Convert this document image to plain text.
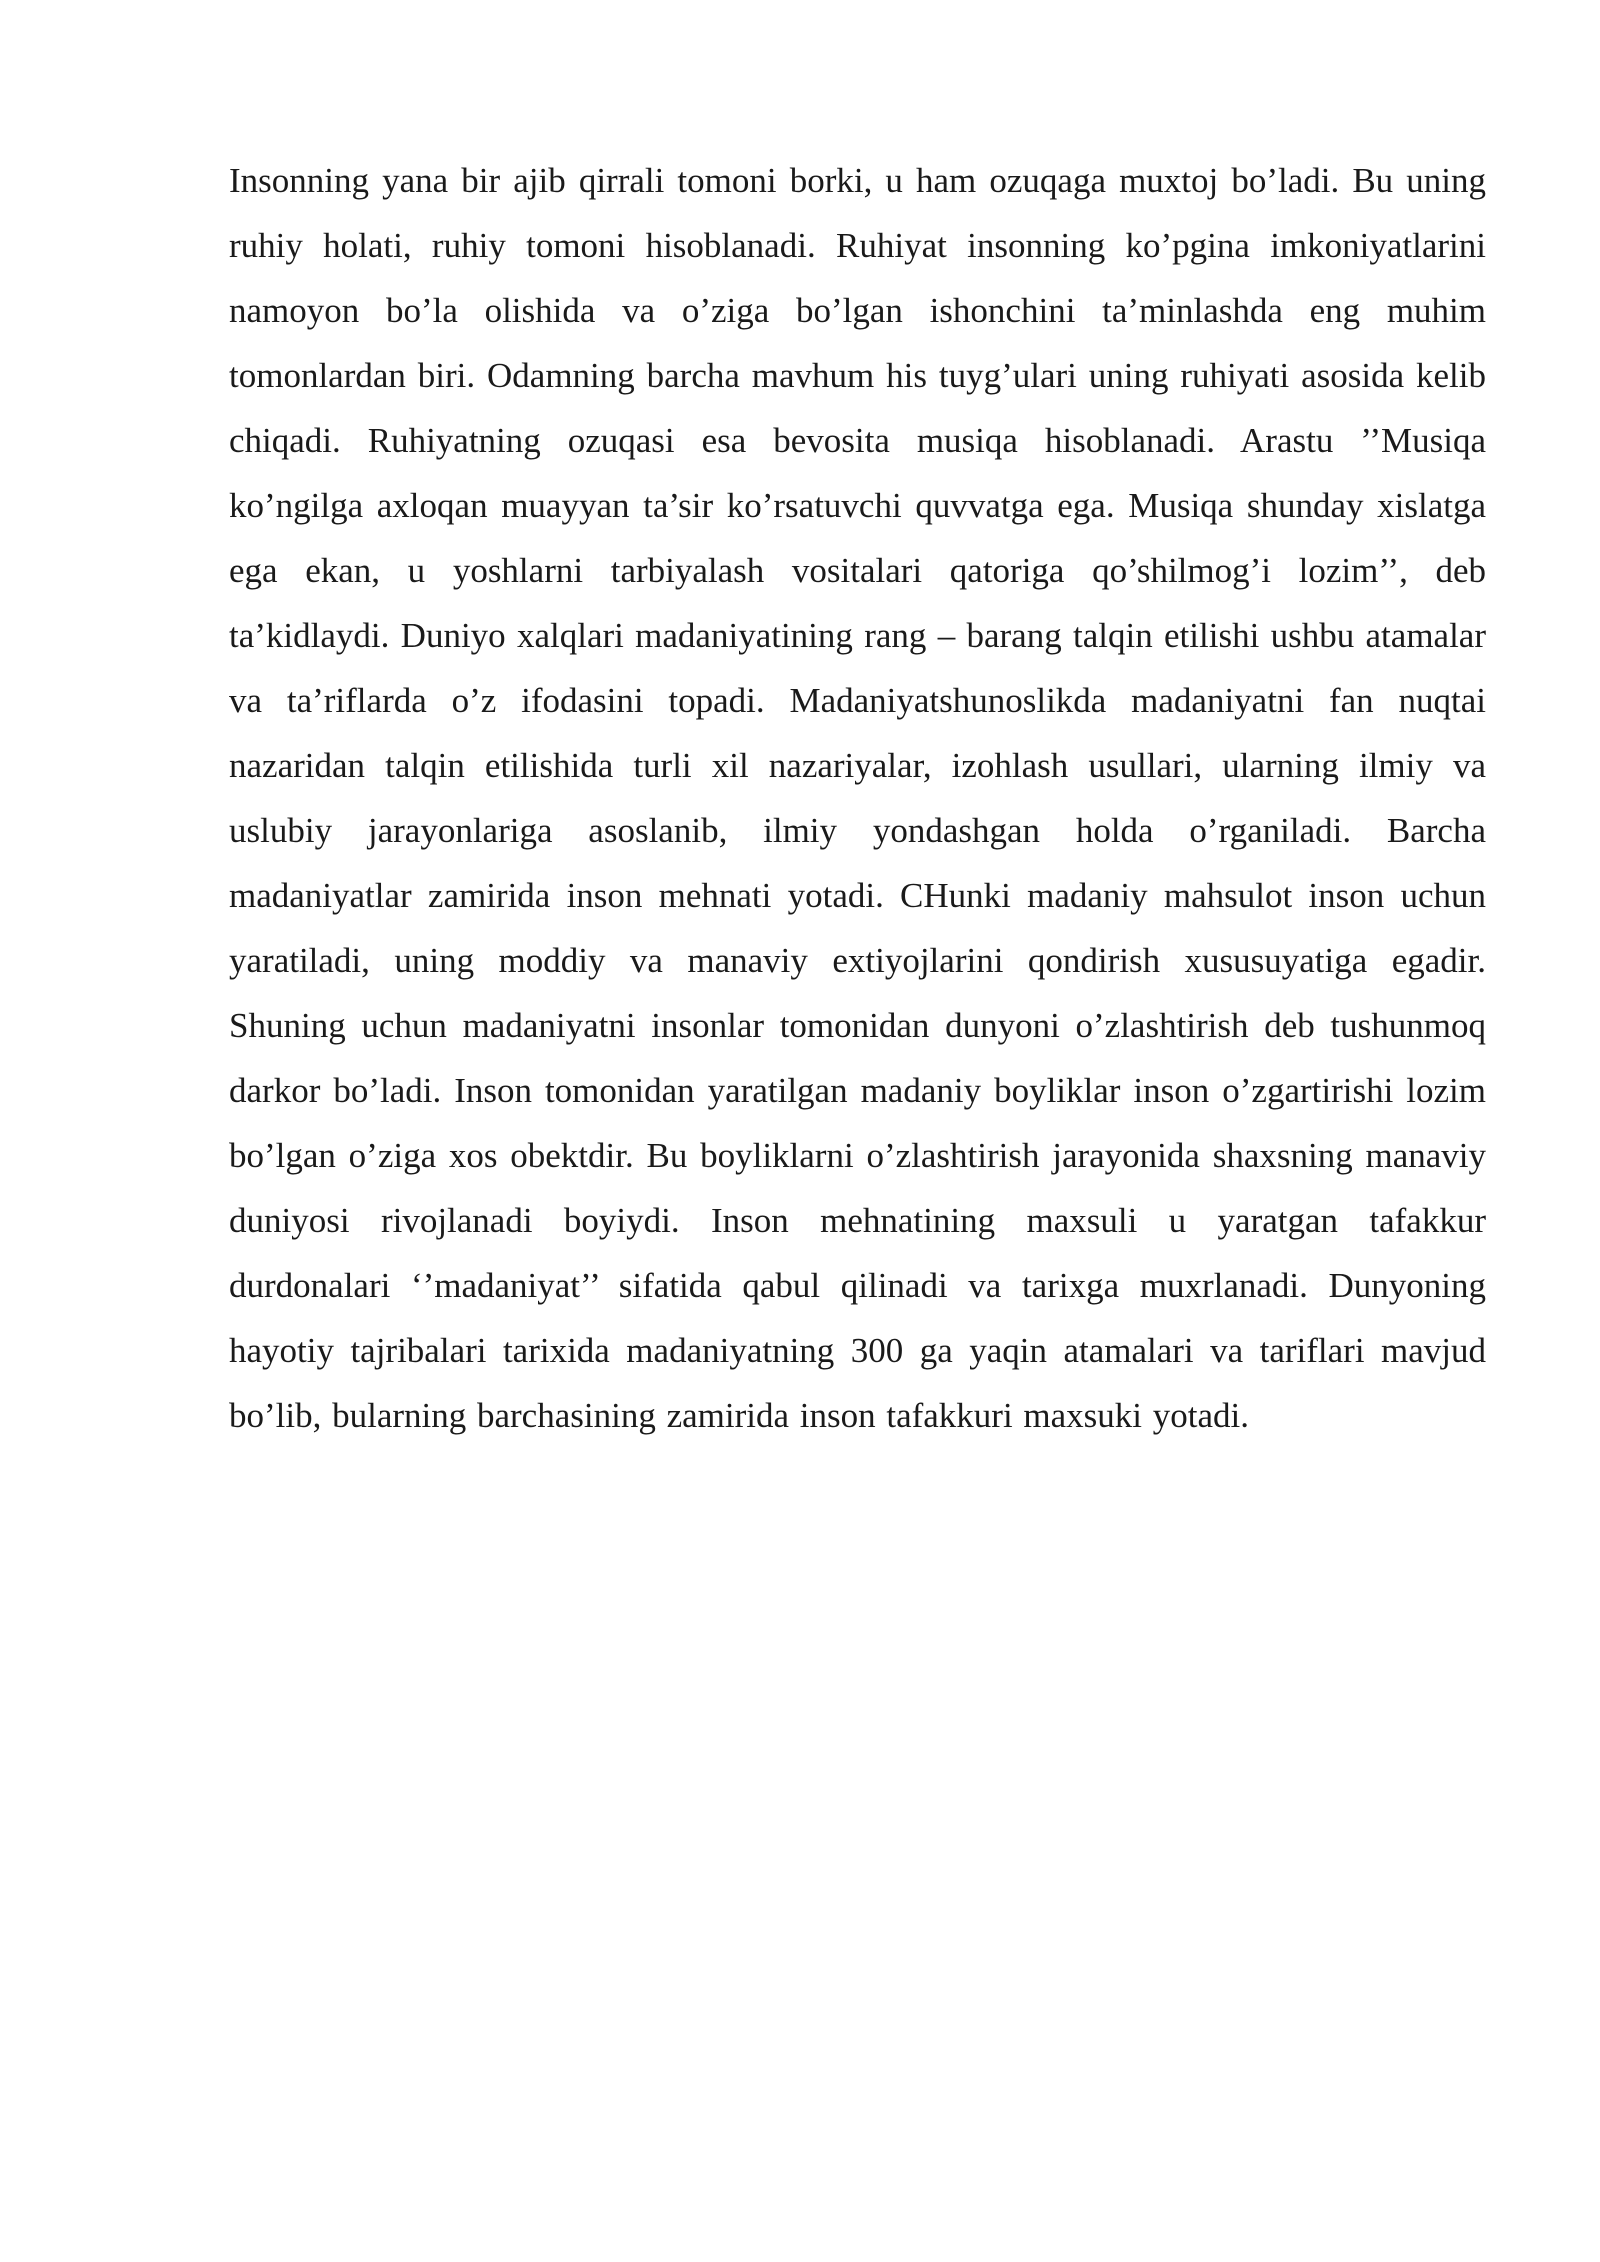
Insonning yana bir ajib qirrali tomoni borki, u ham ozuqaga muxtoj bo’ladi. Bu uning ruhiy holati, ruhiy tomoni hisoblanadi. Ruhiyat insonning ko’pgina imkoniyatlarini namoyon bo’la olishida va o’ziga bo’lgan ishonchini ta’minlashda eng muhim tomonlardan biri. Odamning barcha mavhum his tuyg’ulari uning ruhiyati asosida kelib chiqadi. Ruhiyatning ozuqasi esa bevosita musiqa hisoblanadi. Arastu ’’Musiqa ko’ngilga axloqan muayyan ta’sir ko’rsatuvchi quvvatga ega. Musiqa shunday xislatga ega ekan, u yoshlarni tarbiyalash vositalari qatoriga qo’shilmog’i lozim’’, deb ta’kidlaydi. Duniyo xalqlari madaniyatining rang – barang talqin etilishi ushbu atamalar va ta’riflarda o’z ifodasini topadi. Madaniyatshunoslikda madaniyatni fan nuqtai nazaridan talqin etilishida turli xil nazariyalar, izohlash usullari, ularning ilmiy va uslubiy jarayonlariga asoslanib, ilmiy yondashgan holda o’rganiladi. Barcha madaniyatlar zamirida inson mehnati yotadi. CHunki madaniy mahsulot inson uchun yaratiladi, uning moddiy va manaviy extiyojlarini qondirish xususuyatiga egadir. Shuning uchun madaniyatni insonlar tomonidan dunyoni o’zlashtirish deb tushunmoq darkor bo’ladi. Inson tomonidan yaratilgan madaniy boyliklar inson o’zgartirishi lozim bo’lgan o’ziga xos obektdir. Bu boyliklarni o’zlashtirish jarayonida shaxsning manaviy duniyosi rivojlanadi boyiydi. Inson mehnatining maxsuli u yaratgan tafakkur durdonalari ‘’madaniyat’’ sifatida qabul qilinadi va tarixga muxrlanadi. Dunyoning hayotiy tajribalari tarixida madaniyatning 300 ga yaqin atamalari va tariflari mavjud bo’lib, bularning barchasining zamirida inson tafakkuri maxsuki yotadi.
